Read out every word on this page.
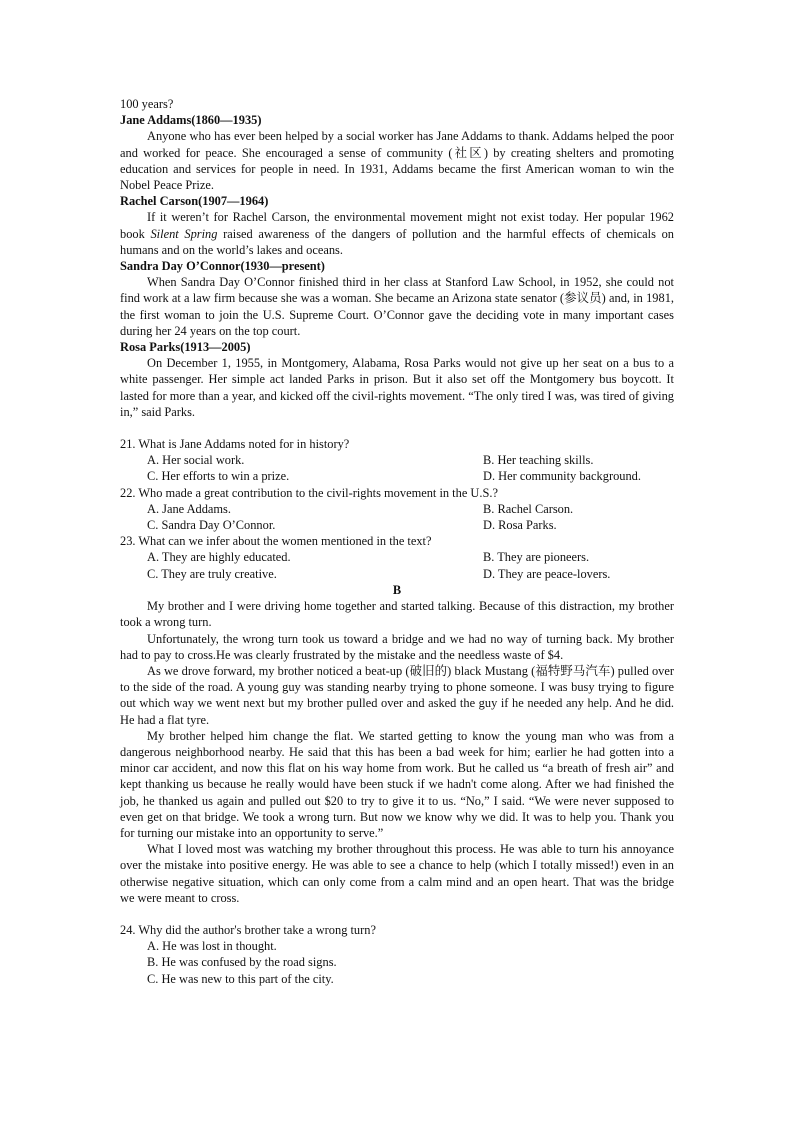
100 years?
Jane Addams(1860—1935)
Anyone who has ever been helped by a social worker has Jane Addams to thank. Addams helped the poor and worked for peace. She encouraged a sense of community (社区) by creating shelters and promoting education and services for people in need. In 1931, Addams became the first American woman to win the Nobel Peace Prize.
Rachel Carson(1907—1964)
If it weren’t for Rachel Carson, the environmental movement might not exist today. Her popular 1962 book Silent Spring raised awareness of the dangers of pollution and the harmful effects of chemicals on humans and on the world’s lakes and oceans.
Sandra Day O’Connor(1930—present)
When Sandra Day O’Connor finished third in her class at Stanford Law School, in 1952, she could not find work at a law firm because she was a woman. She became an Arizona state senator (参议员) and, in 1981, the first woman to join the U.S. Supreme Court. O’Connor gave the deciding vote in many important cases during her 24 years on the top court.
Rosa Parks(1913—2005)
On December 1, 1955, in Montgomery, Alabama, Rosa Parks would not give up her seat on a bus to a white passenger. Her simple act landed Parks in prison. But it also set off the Montgomery bus boycott. It lasted for more than a year, and kicked off the civil-rights movement. “The only tired I was, was tired of giving in,” said Parks.
21. What is Jane Addams noted for in history?
A. Her social work.	B. Her teaching skills.
C. Her efforts to win a prize.	D. Her community background.
22. Who made a great contribution to the civil-rights movement in the U.S.?
A. Jane Addams.	B. Rachel Carson.
C. Sandra Day O’Connor.	D. Rosa Parks.
23. What can we infer about the women mentioned in the text?
A. They are highly educated.	B. They are pioneers.
C. They are truly creative.	D. They are peace-lovers.
B
My brother and I were driving home together and started talking. Because of this distraction, my brother took a wrong turn.
Unfortunately, the wrong turn took us toward a bridge and we had no way of turning back. My brother had to pay to cross.He was clearly frustrated by the mistake and the needless waste of $4.
As we drove forward, my brother noticed a beat-up (破旧的) black Mustang (福特野马汽车) pulled over to the side of the road. A young guy was standing nearby trying to phone someone. I was busy trying to figure out which way we went next but my brother pulled over and asked the guy if he needed any help. And he did. He had a flat tyre.
My brother helped him change the flat. We started getting to know the young man who was from a dangerous neighborhood nearby. He said that this has been a bad week for him; earlier he had gotten into a minor car accident, and now this flat on his way home from work. But he called us “a breath of fresh air” and kept thanking us because he really would have been stuck if we hadn't come along. After we had finished the job, he thanked us again and pulled out $20 to try to give it to us. “No,” I said. “We were never supposed to even get on that bridge. We took a wrong turn. But now we know why we did. It was to help you. Thank you for turning our mistake into an opportunity to serve.”
What I loved most was watching my brother throughout this process. He was able to turn his annoyance over the mistake into positive energy. He was able to see a chance to help (which I totally missed!) even in an otherwise negative situation, which can only come from a calm mind and an open heart. That was the bridge we were meant to cross.
24. Why did the author's brother take a wrong turn?
A. He was lost in thought.
B. He was confused by the road signs.
C. He was new to this part of the city.
